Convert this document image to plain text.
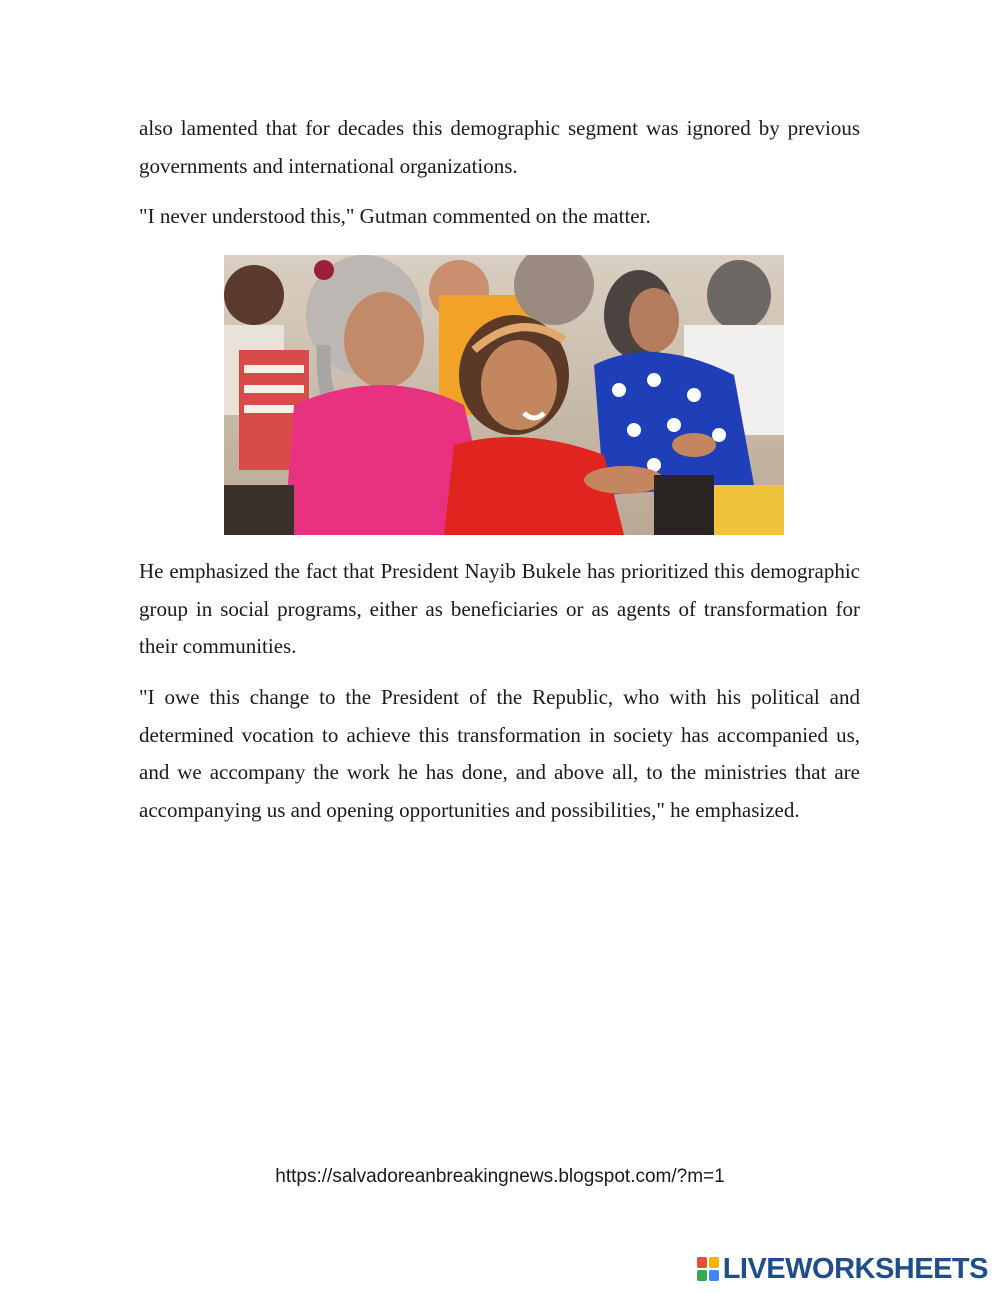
also lamented that for decades this demographic segment was ignored by previous governments and international organizations.

"I never understood this," Gutman commented on the matter.

He emphasized the fact that President Nayib Bukele has prioritized this demographic group in social programs, either as beneficiaries or as agents of transformation for their communities.

"I owe this change to the President of the Republic, who with his political and determined vocation to achieve this transformation in society has accompanied us, and we accompany the work he has done, and above all, to the ministries that are accompanying us and opening opportunities and possibilities," he emphasized.

https://salvadoreanbreakingnews.blogspot.com/?m=1
LIVEWORKSHEETS
